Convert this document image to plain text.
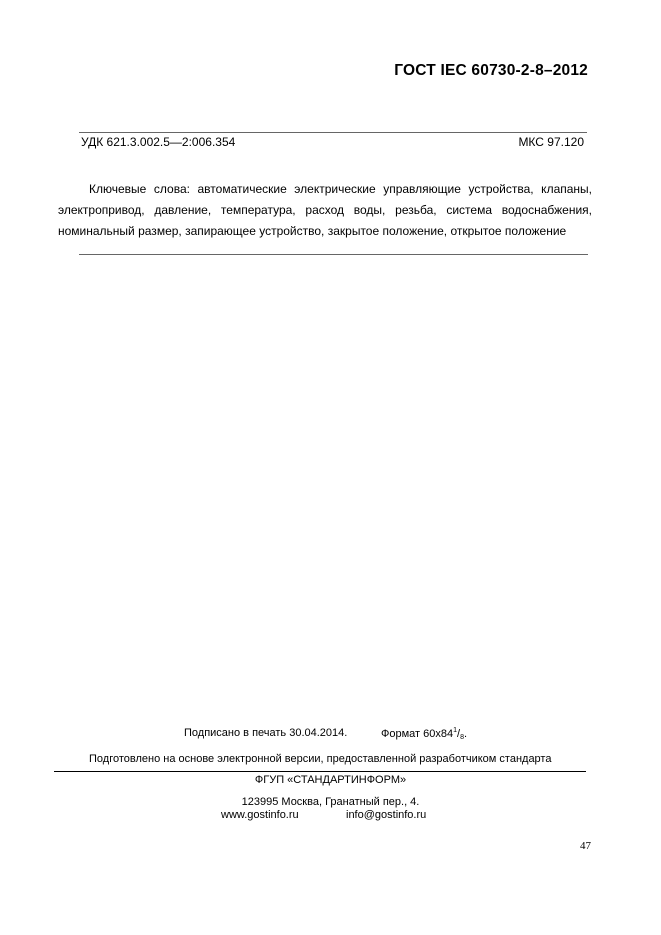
ГОСТ IEC 60730-2-8–2012
УДК 621.3.002.5—2:006.354	МКС 97.120
Ключевые слова: автоматические электрические управляющие устройства, клапаны, электропривод, давление, температура, расход воды, резьба, система водоснабжения, номинальный размер, запирающее устройство, закрытое положение, открытое положение
Подписано в печать 30.04.2014.	Формат $60x84^1/_8$.
Подготовлено на основе электронной версии, предоставленной разработчиком стандарта
ФГУП «СТАНДАРТИНФОРМ»
123995 Москва, Гранатный пер., 4.
www.gostinfo.ru	info@gostinfo.ru
47
